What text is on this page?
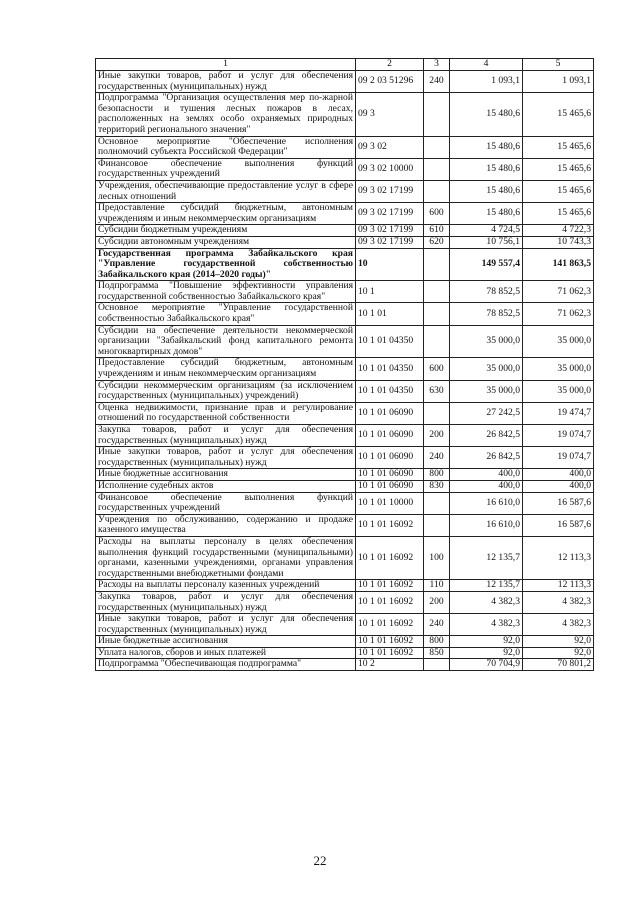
1	2	3	4	5
Иные закупки товаров, работ и услуг для обеспечения государственных (муниципальных) нужд	09 2 03 51296	240	1 093,1	1 093,1
Подпрограмма "Организация осуществления мер по-жарной безопасности и тушения лесных пожаров в лесах, расположенных на землях особо охраняемых природных территорий регионального значения"	09 3		15 480,6	15 465,6
Основное мероприятие "Обеспечение исполнения полномочий субъекта Российской Федерации"	09 3 02		15 480,6	15 465,6
Финансовое обеспечение выполнения функций государственных учреждений	09 3 02 10000		15 480,6	15 465,6
Учреждения, обеспечивающие предоставление услуг в сфере лесных отношений	09 3 02 17199		15 480,6	15 465,6
Предоставление субсидий бюджетным, автономным учреждениям и иным некоммерческим организациям	09 3 02 17199	600	15 480,6	15 465,6
Субсидии бюджетным учреждениям	09 3 02 17199	610	4 724,5	4 722,3
Субсидии автономным учреждениям	09 3 02 17199	620	10 756,1	10 743,3
Государственная программа Забайкальского края "Управление государственной собственностью Забайкальского края (2014–2020 годы)"	10		149 557,4	141 863,5
Подпрограмма "Повышение эффективности управления государственной собственностью Забайкальского края"	10 1		78 852,5	71 062,3
Основное мероприятие "Управление государственной собственностью Забайкальского края"	10 1 01		78 852,5	71 062,3
Субсидии на обеспечение деятельности некоммерческой организации "Забайкальский фонд капитального ремонта многоквартирных домов"	10 1 01 04350		35 000,0	35 000,0
Предоставление субсидий бюджетным, автономным учреждениям и иным некоммерческим организациям	10 1 01 04350	600	35 000,0	35 000,0
Субсидии некоммерческим организациям (за исключением государственных (муниципальных) учреждений)	10 1 01 04350	630	35 000,0	35 000,0
Оценка недвижимости, признание прав и регулирование отношений по государственной собственности	10 1 01 06090		27 242,5	19 474,7
Закупка товаров, работ и услуг для обеспечения государственных (муниципальных) нужд	10 1 01 06090	200	26 842,5	19 074,7
Иные закупки товаров, работ и услуг для обеспечения государственных (муниципальных) нужд	10 1 01 06090	240	26 842,5	19 074,7
Иные бюджетные ассигнования	10 1 01 06090	800	400,0	400,0
Исполнение судебных актов	10 1 01 06090	830	400,0	400,0
Финансовое обеспечение выполнения функций государственных учреждений	10 1 01 10000		16 610,0	16 587,6
Учреждения по обслуживанию, содержанию и продаже казенного имущества	10 1 01 16092		16 610,0	16 587,6
Расходы на выплаты персоналу в целях обеспечения выполнения функций государственными (муниципальными) органами, казенными учреждениями, органами управления государственными внебюджетными фондами	10 1 01 16092	100	12 135,7	12 113,3
Расходы на выплаты персоналу казенных учреждений	10 1 01 16092	110	12 135,7	12 113,3
Закупка товаров, работ и услуг для обеспечения государственных (муниципальных) нужд	10 1 01 16092	200	4 382,3	4 382,3
Иные закупки товаров, работ и услуг для обеспечения государственных (муниципальных) нужд	10 1 01 16092	240	4 382,3	4 382,3
Иные бюджетные ассигнования	10 1 01 16092	800	92,0	92,0
Уплата налогов, сборов и иных платежей	10 1 01 16092	850	92,0	92,0
Подпрограмма "Обеспечивающая подпрограмма"	10 2		70 704,9	70 801,2
22
